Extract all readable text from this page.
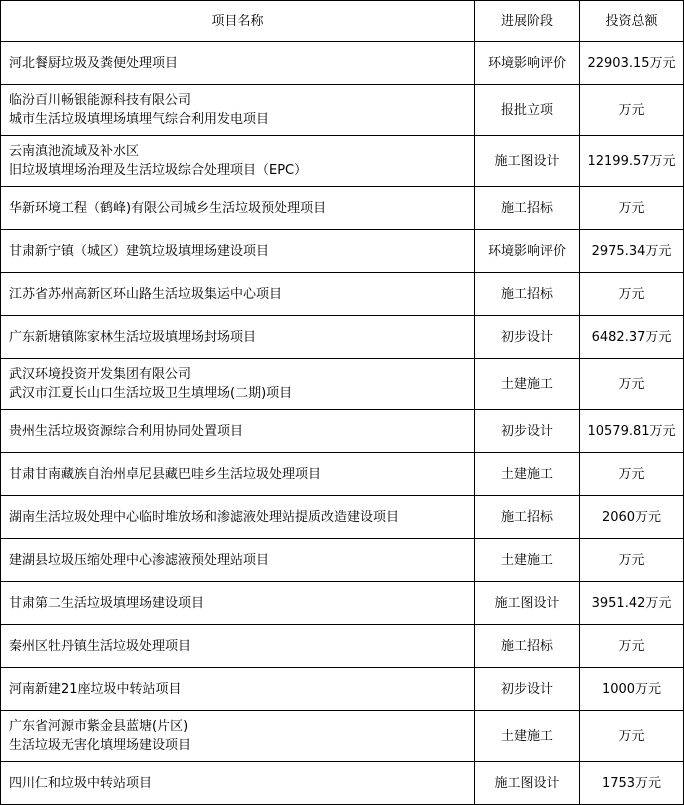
项目名称	进展阶段	投资总额

河北餐厨垃圾及粪便处理项目	环境影响评价	22903.15万元

临汾百川畅银能源科技有限公司
城市生活垃圾填埋场填埋气综合利用发电项目	报批立项	万元

云南滇池流域及补水区
旧垃圾填埋场治理及生活垃圾综合处理项目（EPC）	施工图设计	12199.57万元

华新环境工程（鹤峰)有限公司城乡生活垃圾预处理项目	施工招标	万元

甘肃新宁镇（城区）建筑垃圾填埋场建设项目	环境影响评价	2975.34万元

江苏省苏州高新区环山路生活垃圾集运中心项目	施工招标	万元

广东新塘镇陈家林生活垃圾填埋场封场项目	初步设计	6482.37万元

武汉环境投资开发集团有限公司
武汉市江夏长山口生活垃圾卫生填埋场(二期)项目	土建施工	万元

贵州生活垃圾资源综合利用协同处置项目	初步设计	10579.81万元

甘肃甘南藏族自治州卓尼县藏巴哇乡生活垃圾处理项目	土建施工	万元

湖南生活垃圾处理中心临时堆放场和渗滤液处理站提质改造建设项目	施工招标	2060万元

建湖县垃圾压缩处理中心渗滤液预处理站项目	土建施工	万元

甘肃第二生活垃圾填埋场建设项目	施工图设计	3951.42万元

秦州区牡丹镇生活垃圾处理项目	施工招标	万元

河南新建21座垃圾中转站项目	初步设计	1000万元

广东省河源市紫金县蓝塘(片区)
生活垃圾无害化填埋场建设项目	土建施工	万元

四川仁和垃圾中转站项目	施工图设计	1753万元
